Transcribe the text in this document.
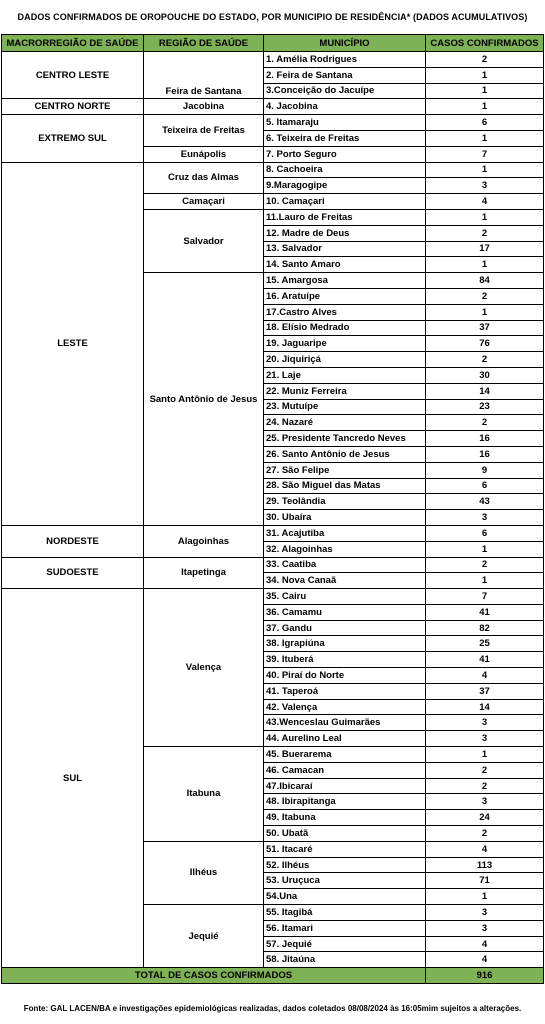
DADOS CONFIRMADOS DE OROPOUCHE DO ESTADO, POR MUNICIPIO DE RESIDÊNCIA* (DADOS ACUMULATIVOS)
MACRORREGIÃO DE SAÚDE	REGIÃO DE SAÚDE	MUNICÍPIO	CASOS CONFIRMADOS
CENTRO LESTE	Feira de Santana	1. Amélia Rodrigues	2
		2. Feira de Santana	1
		3.Conceição do Jacuípe	1
CENTRO NORTE	Jacobina	4. Jacobina	1
EXTREMO SUL	Teixeira de Freitas	5. Itamaraju	6
		6. Teixeira de Freitas	1
	Eunápolis	7. Porto Seguro	7
LESTE	Cruz das Almas	8. Cachoeira	1
		9.Maragogipe	3
	Camaçari	10. Camaçari	4
	Salvador	11.Lauro de Freitas	1
		12. Madre de Deus	2
		13. Salvador	17
		14. Santo Amaro	1
	Santo Antônio de Jesus	15. Amargosa	84
		16. Aratuípe	2
		17.Castro Alves	1
		18. Elísio Medrado	37
		19. Jaguaripe	76
		20. Jiquiriçá	2
		21. Laje	30
		22. Muniz Ferreira	14
		23. Mutuípe	23
		24. Nazaré	2
		25. Presidente Tancredo Neves	16
		26. Santo Antônio de Jesus	16
		27. São Felipe	9
		28. São Miguel das Matas	6
		29. Teolândia	43
		30. Ubaíra	3
NORDESTE	Alagoinhas	31. Acajutiba	6
		32. Alagoinhas	1
SUDOESTE	Itapetinga	33. Caatiba	2
		34. Nova Canaã	1
SUL	Valença	35. Cairu	7
		36. Camamu	41
		37. Gandu	82
		38. Igrapiúna	25
		39. Ituberá	41
		40. Piraí do Norte	4
		41. Taperoá	37
		42. Valença	14
		43.Wenceslau Guimarães	3
		44. Aurelino Leal	3
	Itabuna	45. Buerarema	1
		46. Camacan	2
		47.Ibicaraí	2
		48. Ibirapitanga	3
		49. Itabuna	24
		50. Ubatã	2
	Ilhéus	51. Itacaré	4
		52. Ilhéus	113
		53. Uruçuca	71
		54.Una	1
	Jequié	55. Itagibá	3
		56. Itamari	3
		57. Jequié	4
		58. Jitaúna	4
TOTAL DE CASOS CONFIRMADOS			916
Fonte: GAL LACEN/BA e investigações epidemiológicas realizadas, dados coletados 08/08/2024 às 16:05mim sujeitos a alterações.
